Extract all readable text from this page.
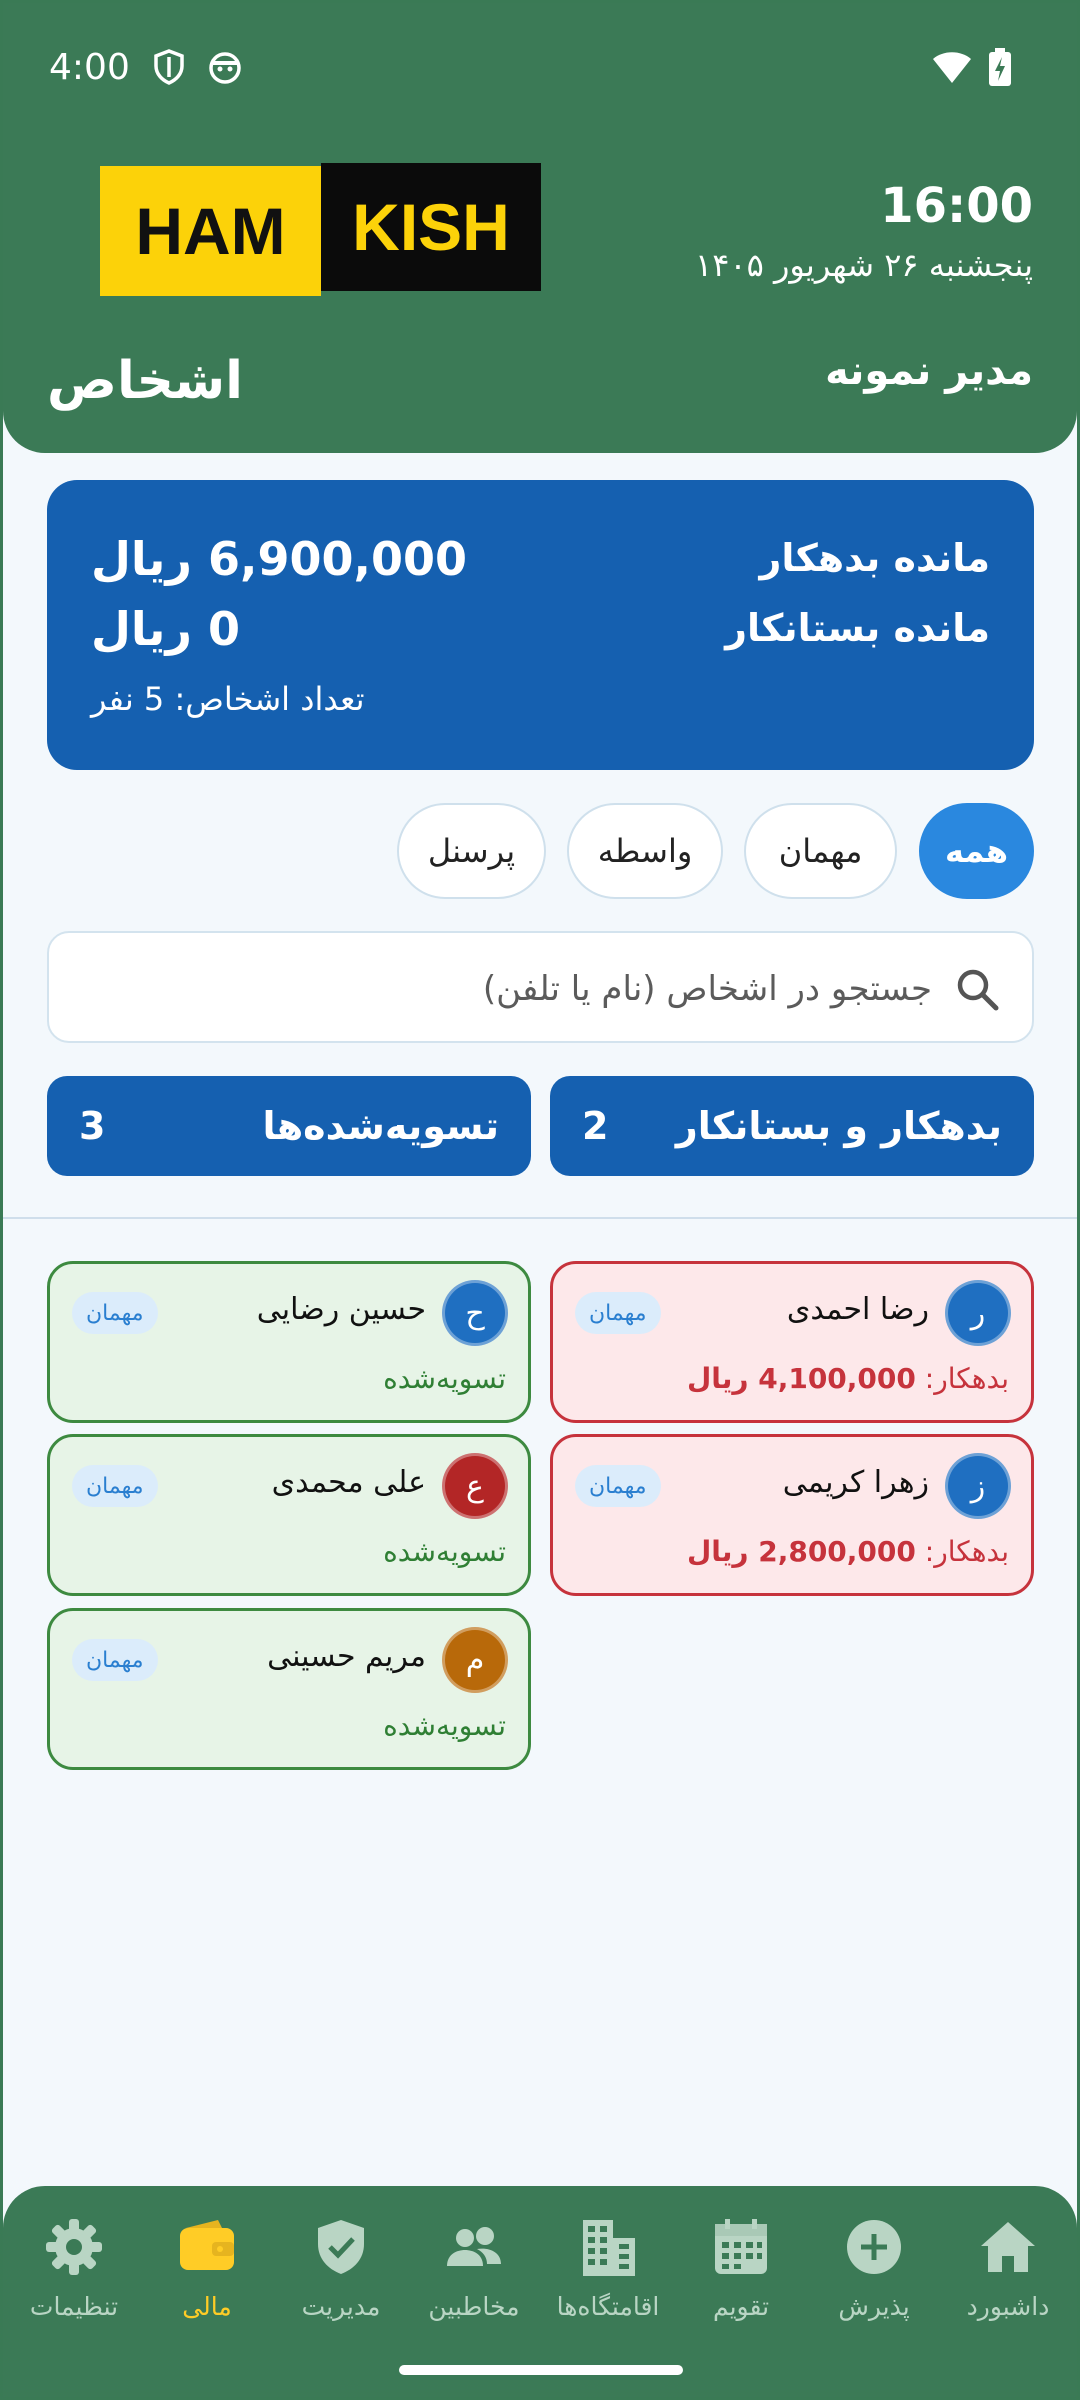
4:00
HAM	KISH	16:00
پنجشنبه ۲۶ شهریور ۱۴۰۵
مدیر نمونه
اشخاص
مانده بدهکار
6,900,000 ریال
مانده بستانکار
0 ریال
تعداد اشخاص: 5 نفر
همه
مهمان
واسطه
پرسنل
جستجو در اشخاص (نام یا تلفن)
بدهکار و بستانکار
2
تسویه‌شده‌ها
3
ر
رضا احمدی
مهمان
بدهکار: 4,100,000 ریال
ح
حسین رضایی
مهمان
تسویه‌شده
ز
زهرا کریمی
مهمان
بدهکار: 2,800,000 ریال
ع
علی محمدی
مهمان
تسویه‌شده
م
مریم حسینی
مهمان
تسویه‌شده
داشبورد
پذیرش
تقویم
اقامتگاه‌ها
مخاطبین
مدیریت
مالی
تنظیمات
